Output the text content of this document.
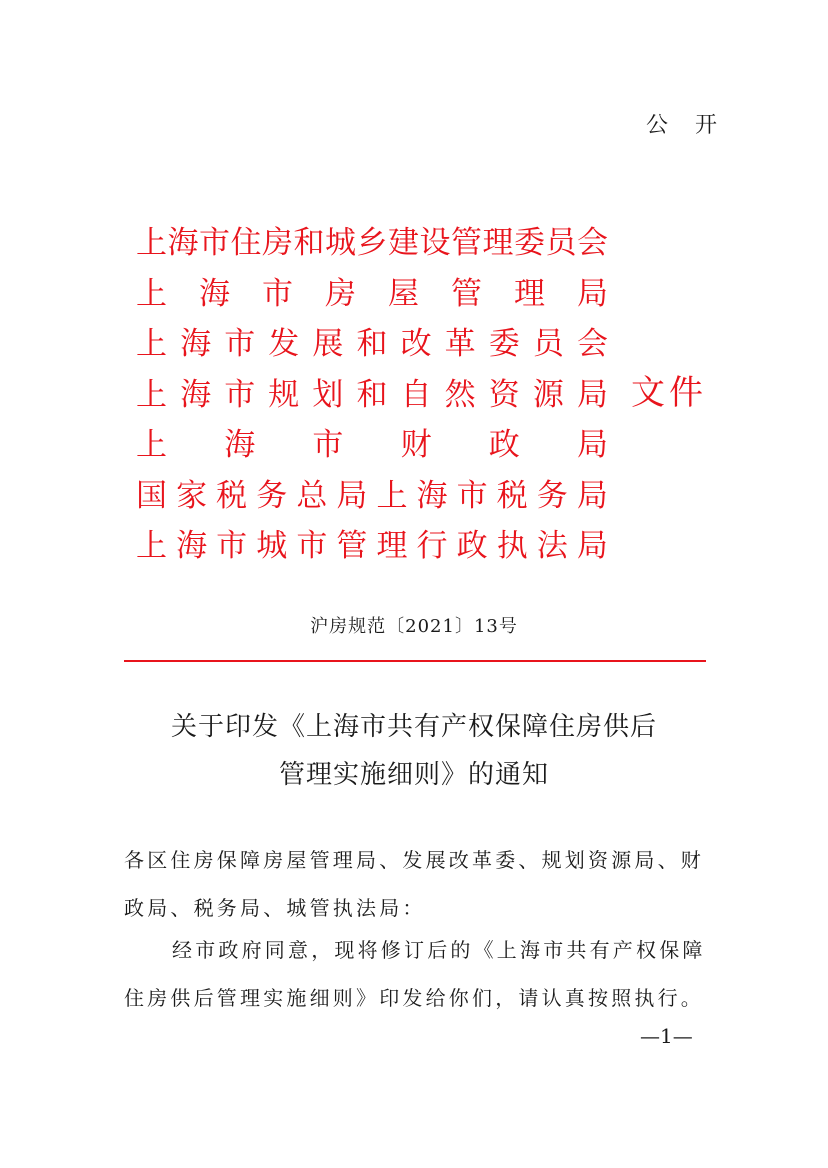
公 开
上 海 市 住 房 和 城 乡 建 设 管 理 委 员 会
上 海 市 房 屋 管 理 局
上 海 市 发 展 和 改 革 委 员 会
上 海 市 规 划 和 自 然 资 源 局
上 海 市 财 政 局
国 家 税 务 总 局 上 海 市 税 务 局
上 海 市 城 市 管 理 行 政 执 法 局
文件
沪房规范〔2021〕13号
关于印发《上海市共有产权保障住房供后
管理实施细则》的通知
各区住房保障房屋管理局、发展改革委、规划资源局、财政局、税务局、城管执法局：
经市政府同意，现将修订后的《上海市共有产权保障住房供后管理实施细则》印发给你们，请认真按照执行。
—1—
